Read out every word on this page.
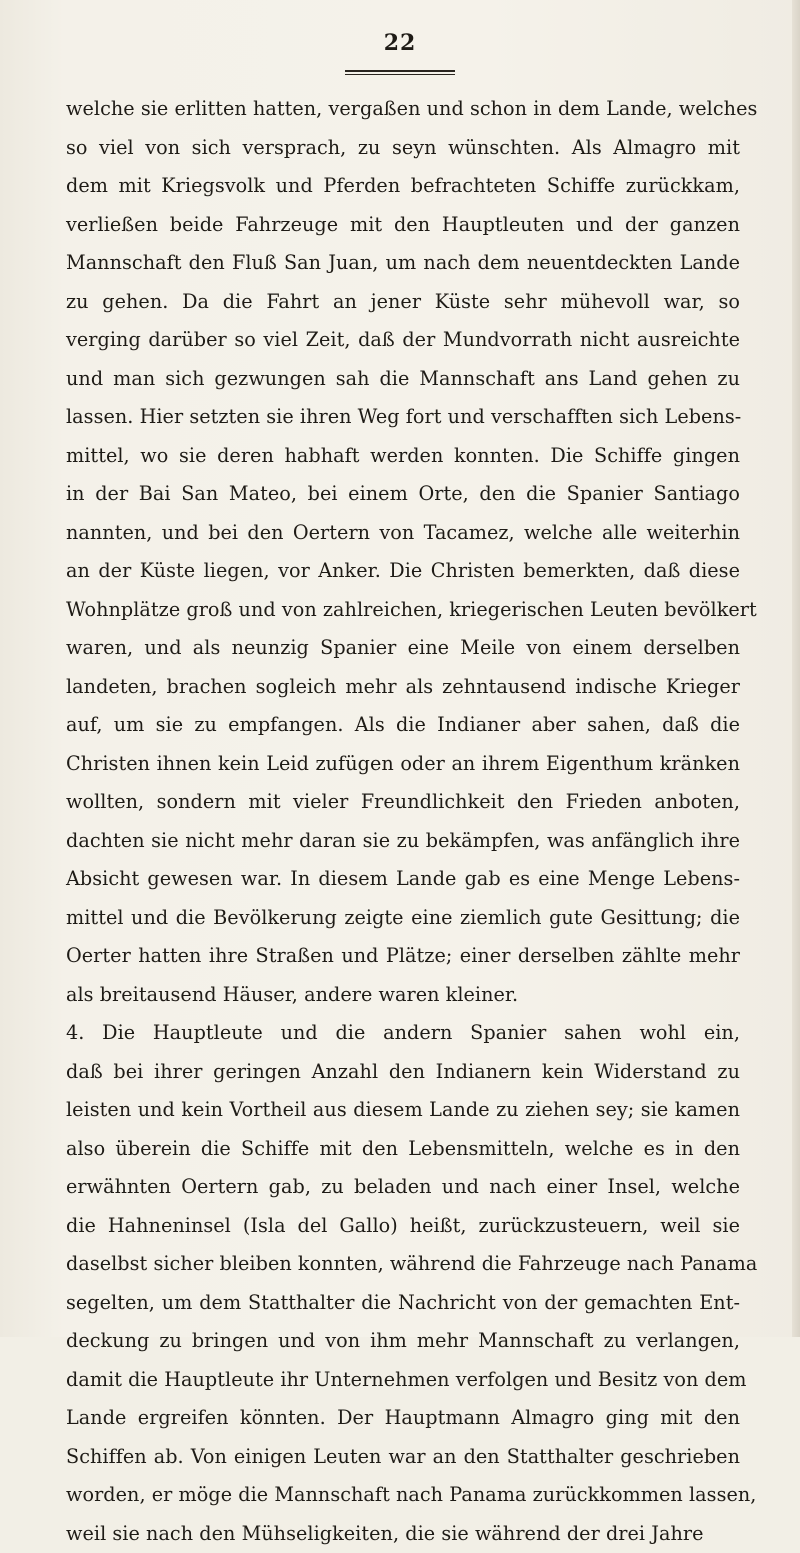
22
welche sie erlitten hatten, vergaßen und schon in dem Lande, welches
so viel von sich versprach, zu seyn wünschten. Als Almagro mit
dem mit Kriegsvolk und Pferden befrachteten Schiffe zurückkam,
verließen beide Fahrzeuge mit den Hauptleuten und der ganzen
Mannschaft den Fluß San Juan, um nach dem neuentdeckten Lande
zu gehen. Da die Fahrt an jener Küste sehr mühevoll war, so
verging darüber so viel Zeit, daß der Mundvorrath nicht ausreichte
und man sich gezwungen sah die Mannschaft ans Land gehen zu
lassen. Hier setzten sie ihren Weg fort und verschafften sich Lebens-
mittel, wo sie deren habhaft werden konnten. Die Schiffe gingen
in der Bai San Mateo, bei einem Orte, den die Spanier Santiago
nannten, und bei den Oertern von Tacamez, welche alle weiterhin
an der Küste liegen, vor Anker. Die Christen bemerkten, daß diese
Wohnplätze groß und von zahlreichen, kriegerischen Leuten bevölkert
waren, und als neunzig Spanier eine Meile von einem derselben
landeten, brachen sogleich mehr als zehntausend indische Krieger
auf, um sie zu empfangen. Als die Indianer aber sahen, daß die
Christen ihnen kein Leid zufügen oder an ihrem Eigenthum kränken
wollten, sondern mit vieler Freundlichkeit den Frieden anboten,
dachten sie nicht mehr daran sie zu bekämpfen, was anfänglich ihre
Absicht gewesen war. In diesem Lande gab es eine Menge Lebens-
mittel und die Bevölkerung zeigte eine ziemlich gute Gesittung; die
Oerter hatten ihre Straßen und Plätze; einer derselben zählte mehr
als breitausend Häuser, andere waren kleiner.
4. Die Hauptleute und die andern Spanier sahen wohl ein,
daß bei ihrer geringen Anzahl den Indianern kein Widerstand zu
leisten und kein Vortheil aus diesem Lande zu ziehen sey; sie kamen
also überein die Schiffe mit den Lebensmitteln, welche es in den
erwähnten Oertern gab, zu beladen und nach einer Insel, welche
die Hahneninsel (Isla del Gallo) heißt, zurückzusteuern, weil sie
daselbst sicher bleiben konnten, während die Fahrzeuge nach Panama
segelten, um dem Statthalter die Nachricht von der gemachten Ent-
deckung zu bringen und von ihm mehr Mannschaft zu verlangen,
damit die Hauptleute ihr Unternehmen verfolgen und Besitz von dem
Lande ergreifen könnten. Der Hauptmann Almagro ging mit den
Schiffen ab. Von einigen Leuten war an den Statthalter geschrieben
worden, er möge die Mannschaft nach Panama zurückkommen lassen,
weil sie nach den Mühseligkeiten, die sie während der drei Jahre
